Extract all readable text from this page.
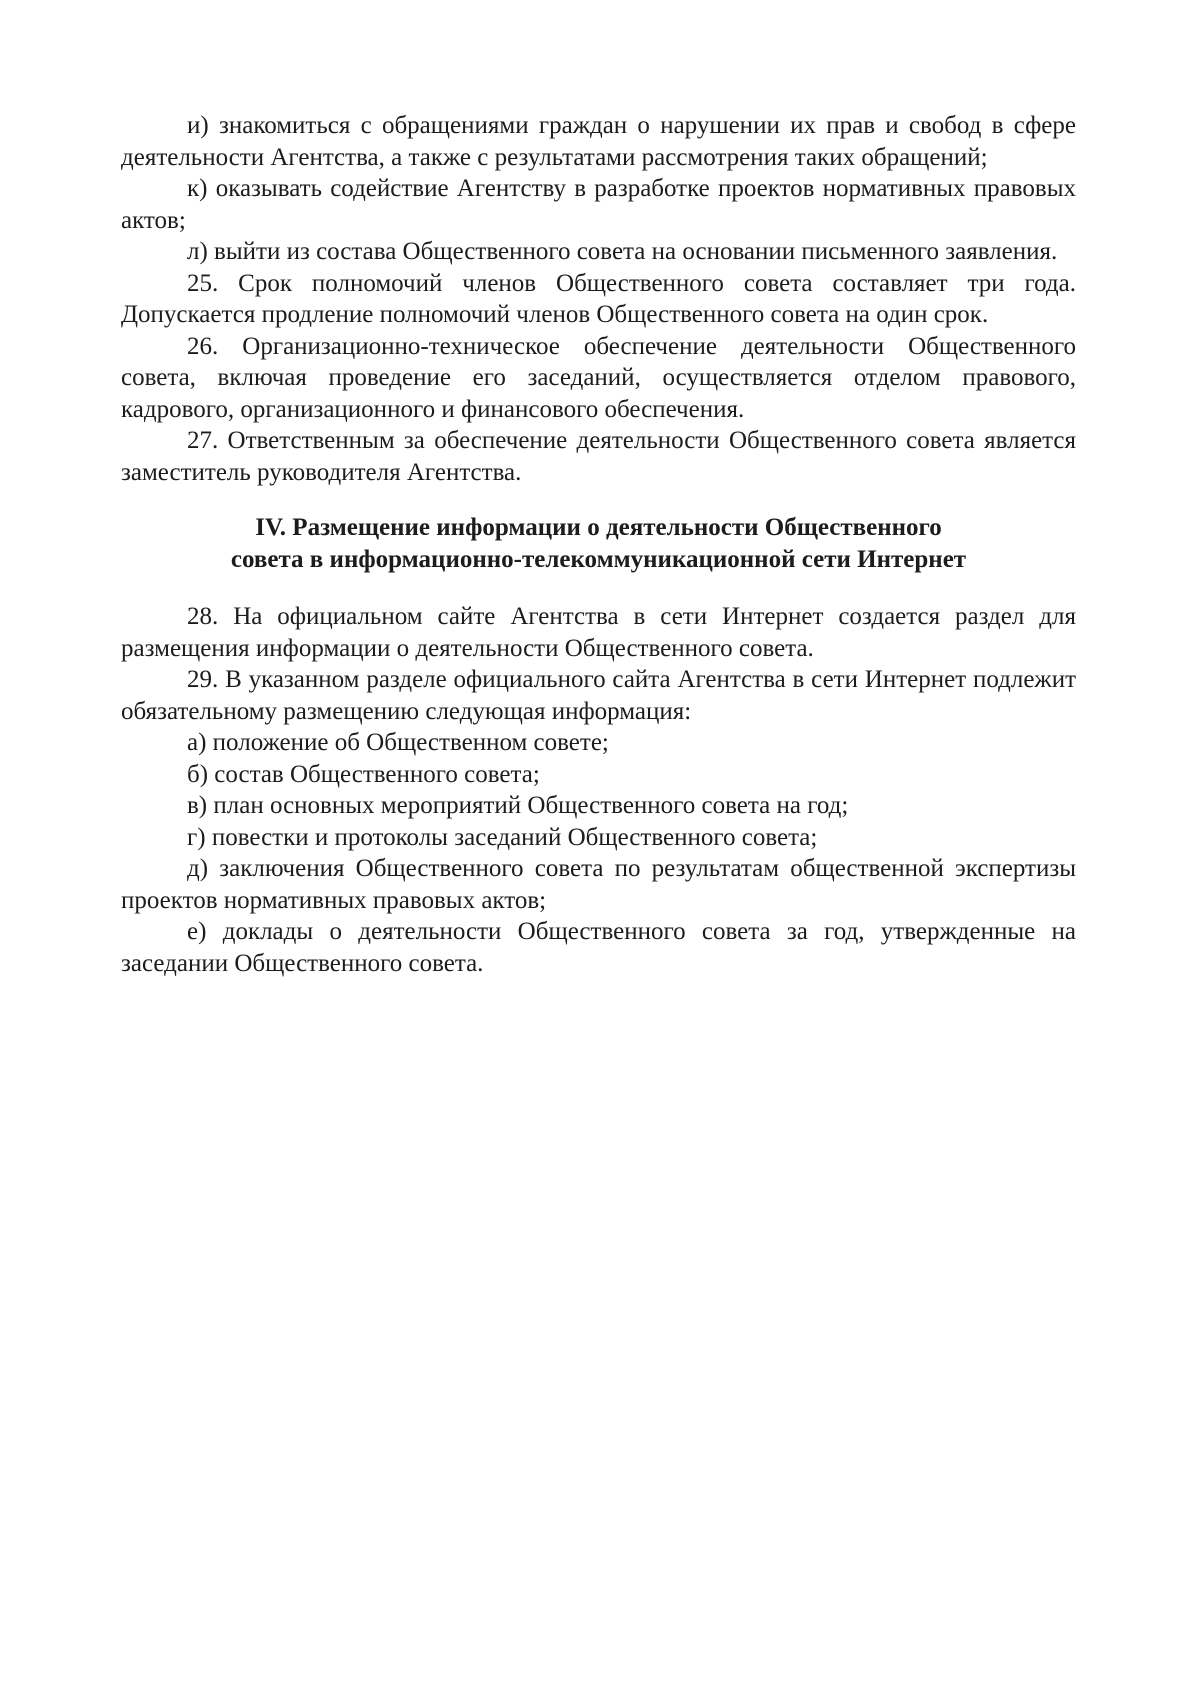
и) знакомиться с обращениями граждан о нарушении их прав и свобод в сфере деятельности Агентства, а также с результатами рассмотрения таких обращений;

к) оказывать содействие Агентству в разработке проектов нормативных правовых актов;

л) выйти из состава Общественного совета на основании письменного заявления.

25. Срок полномочий членов Общественного совета составляет три года. Допускается продление полномочий членов Общественного совета на один срок.

26. Организационно-техническое обеспечение деятельности Общественного совета, включая проведение его заседаний, осуществляется отделом правового, кадрового, организационного и финансового обеспечения.

27. Ответственным за обеспечение деятельности Общественного совета является заместитель руководителя Агентства.

IV. Размещение информации о деятельности Общественного

совета в информационно-телекоммуникационной сети Интернет

28. На официальном сайте Агентства в сети Интернет создается раздел для размещения информации о деятельности Общественного совета.

29. В указанном разделе официального сайта Агентства в сети Интернет подлежит обязательному размещению следующая информация:

а) положение об Общественном совете;

б) состав Общественного совета;

в) план основных мероприятий Общественного совета на год;

г) повестки и протоколы заседаний Общественного совета;

д) заключения Общественного совета по результатам общественной экспертизы проектов нормативных правовых актов;

е) доклады о деятельности Общественного совета за год, утвержденные на заседании Общественного совета.
